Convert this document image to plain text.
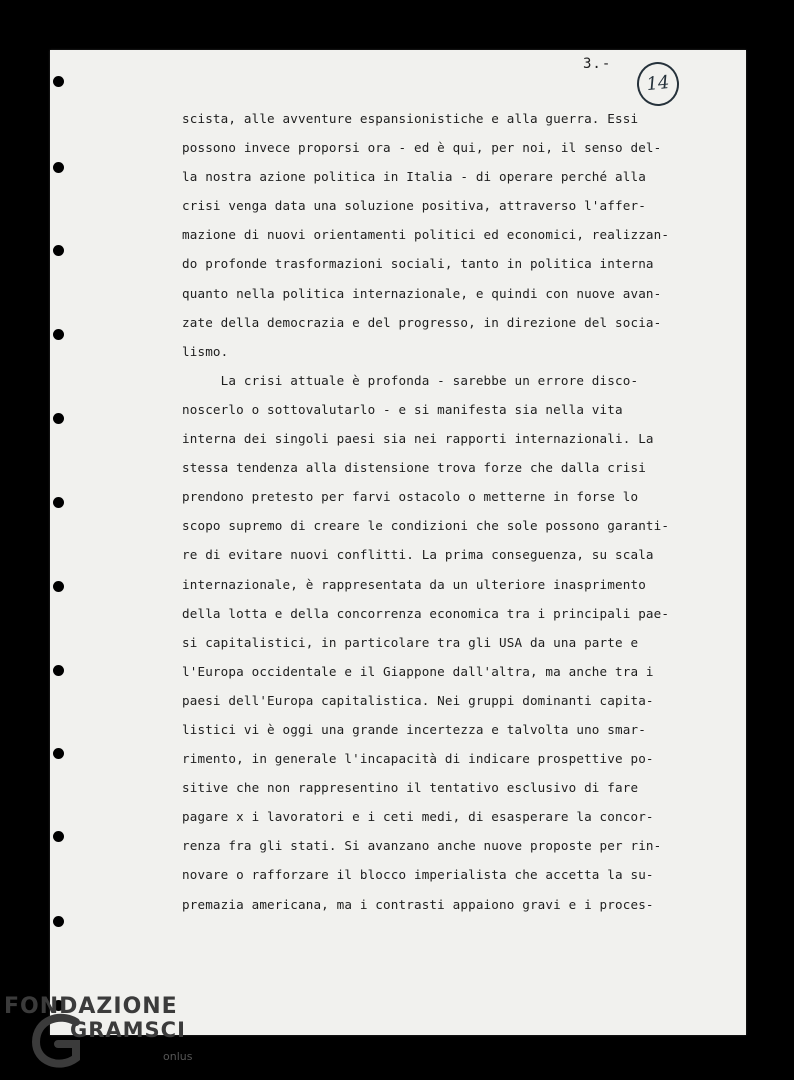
14
3.-
scista, alle avventure espansionistiche e alla guerra. Essi
possono invece proporsi ora - ed è qui, per noi, il senso del-
la nostra azione politica in Italia - di operare perché alla
crisi venga data una soluzione positiva, attraverso l'affer-
mazione di nuovi orientamenti politici ed economici, realizzan-
do profonde trasformazioni sociali, tanto in politica interna
quanto nella politica internazionale, e quindi con nuove avan-
zate della democrazia e del progresso, in direzione del socia-
lismo.
La crisi attuale è profonda - sarebbe un errore disco-
noscerlo o sottovalutarlo - e si manifesta sia nella vita
interna dei singoli paesi sia nei rapporti internazionali. La
stessa tendenza alla distensione trova forze che dalla crisi
prendono pretesto per farvi ostacolo o metterne in forse lo
scopo supremo di creare le condizioni che sole possono garanti-
re di evitare nuovi conflitti. La prima conseguenza, su scala
internazionale, è rappresentata da un ulteriore inasprimento
della lotta e della concorrenza economica tra i principali pae-
si capitalistici, in particolare tra gli USA da una parte e
l'Europa occidentale e il Giappone dall'altra, ma anche tra i
paesi dell'Europa capitalistica. Nei gruppi dominanti capita-
listici vi è oggi una grande incertezza e talvolta uno smar-
rimento, in generale l'incapacità di indicare prospettive po-
sitive che non rappresentino il tentativo esclusivo di fare
pagare x i lavoratori e i ceti medi, di esasperare la concor-
renza fra gli stati. Si avanzano anche nuove proposte per rin-
novare o rafforzare il blocco imperialista che accetta la su-
premazia americana, ma i contrasti appaiono gravi e i proces-
FONDAZIONE
GRAMSCI
onlus
